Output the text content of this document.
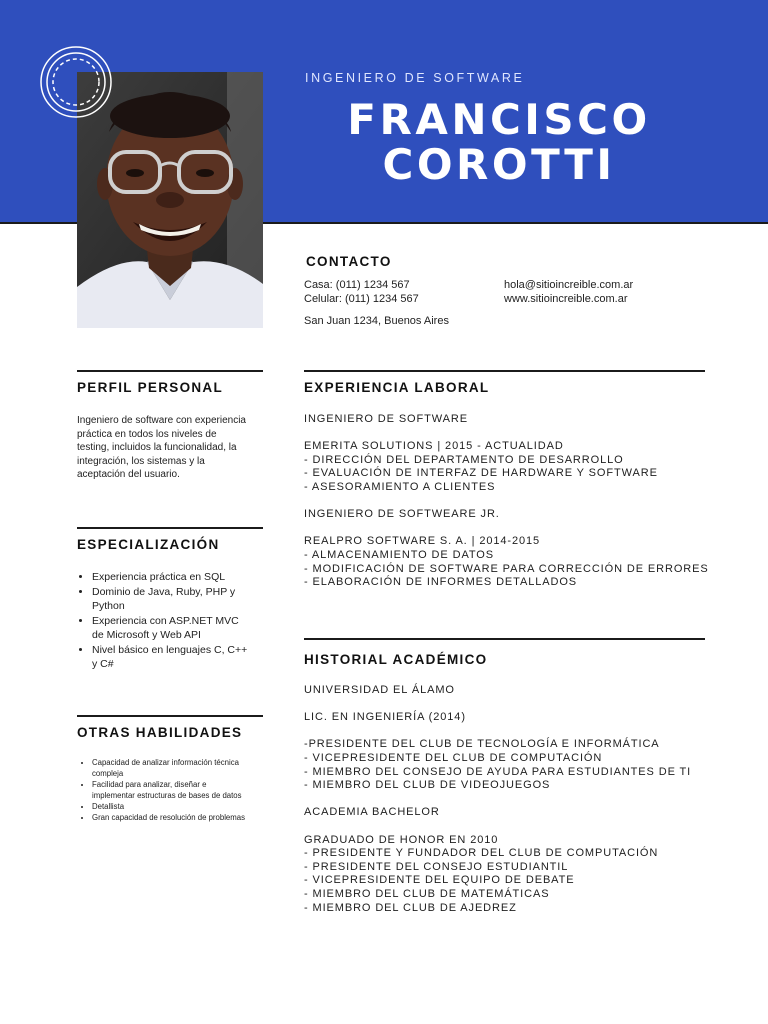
INGENIERO DE SOFTWARE
FRANCISCO
COROTTI
CONTACTO
Casa: (011) 1234 567
Celular: (011) 1234 567
San Juan 1234, Buenos Aires
hola@sitioincreible.com.ar
www.sitioincreible.com.ar
PERFIL PERSONAL
Ingeniero de software con experiencia
práctica en todos los niveles de
testing, incluidos la funcionalidad, la
integración, los sistemas y la
aceptación del usuario.
ESPECIALIZACIÓN
• Experiencia práctica en SQL
• Dominio de Java, Ruby, PHP y
Python
• Experiencia con ASP.NET MVC
de Microsoft y Web API
• Nivel básico en lenguajes C, C++
y C#
OTRAS HABILIDADES
• Capacidad de analizar información técnica
compleja
• Facilidad para analizar, diseñar e
implementar estructuras de bases de datos
• Detallista
• Gran capacidad de resolución de problemas
EXPERIENCIA LABORAL
INGENIERO DE SOFTWARE
EMERITA SOLUTIONS | 2015 - ACTUALIDAD
- DIRECCIÓN DEL DEPARTAMENTO DE DESARROLLO
- EVALUACIÓN DE INTERFAZ DE HARDWARE Y SOFTWARE
- ASESORAMIENTO A CLIENTES
INGENIERO DE SOFTWEARE JR.
REALPRO SOFTWARE S. A. | 2014-2015
- ALMACENAMIENTO DE DATOS
- MODIFICACIÓN DE SOFTWARE PARA CORRECCIÓN DE ERRORES
- ELABORACIÓN DE INFORMES DETALLADOS
HISTORIAL ACADÉMICO
UNIVERSIDAD EL ÁLAMO
LIC. EN INGENIERÍA (2014)
-PRESIDENTE DEL CLUB DE TECNOLOGÍA E INFORMÁTICA
- VICEPRESIDENTE DEL CLUB DE COMPUTACIÓN
- MIEMBRO DEL CONSEJO DE AYUDA PARA ESTUDIANTES DE TI
- MIEMBRO DEL CLUB DE VIDEOJUEGOS
ACADEMIA BACHELOR
GRADUADO DE HONOR EN 2010
- PRESIDENTE Y FUNDADOR DEL CLUB DE COMPUTACIÓN
- PRESIDENTE DEL CONSEJO ESTUDIANTIL
- VICEPRESIDENTE DEL EQUIPO DE DEBATE
- MIEMBRO DEL CLUB DE MATEMÁTICAS
- MIEMBRO DEL CLUB DE AJEDREZ
